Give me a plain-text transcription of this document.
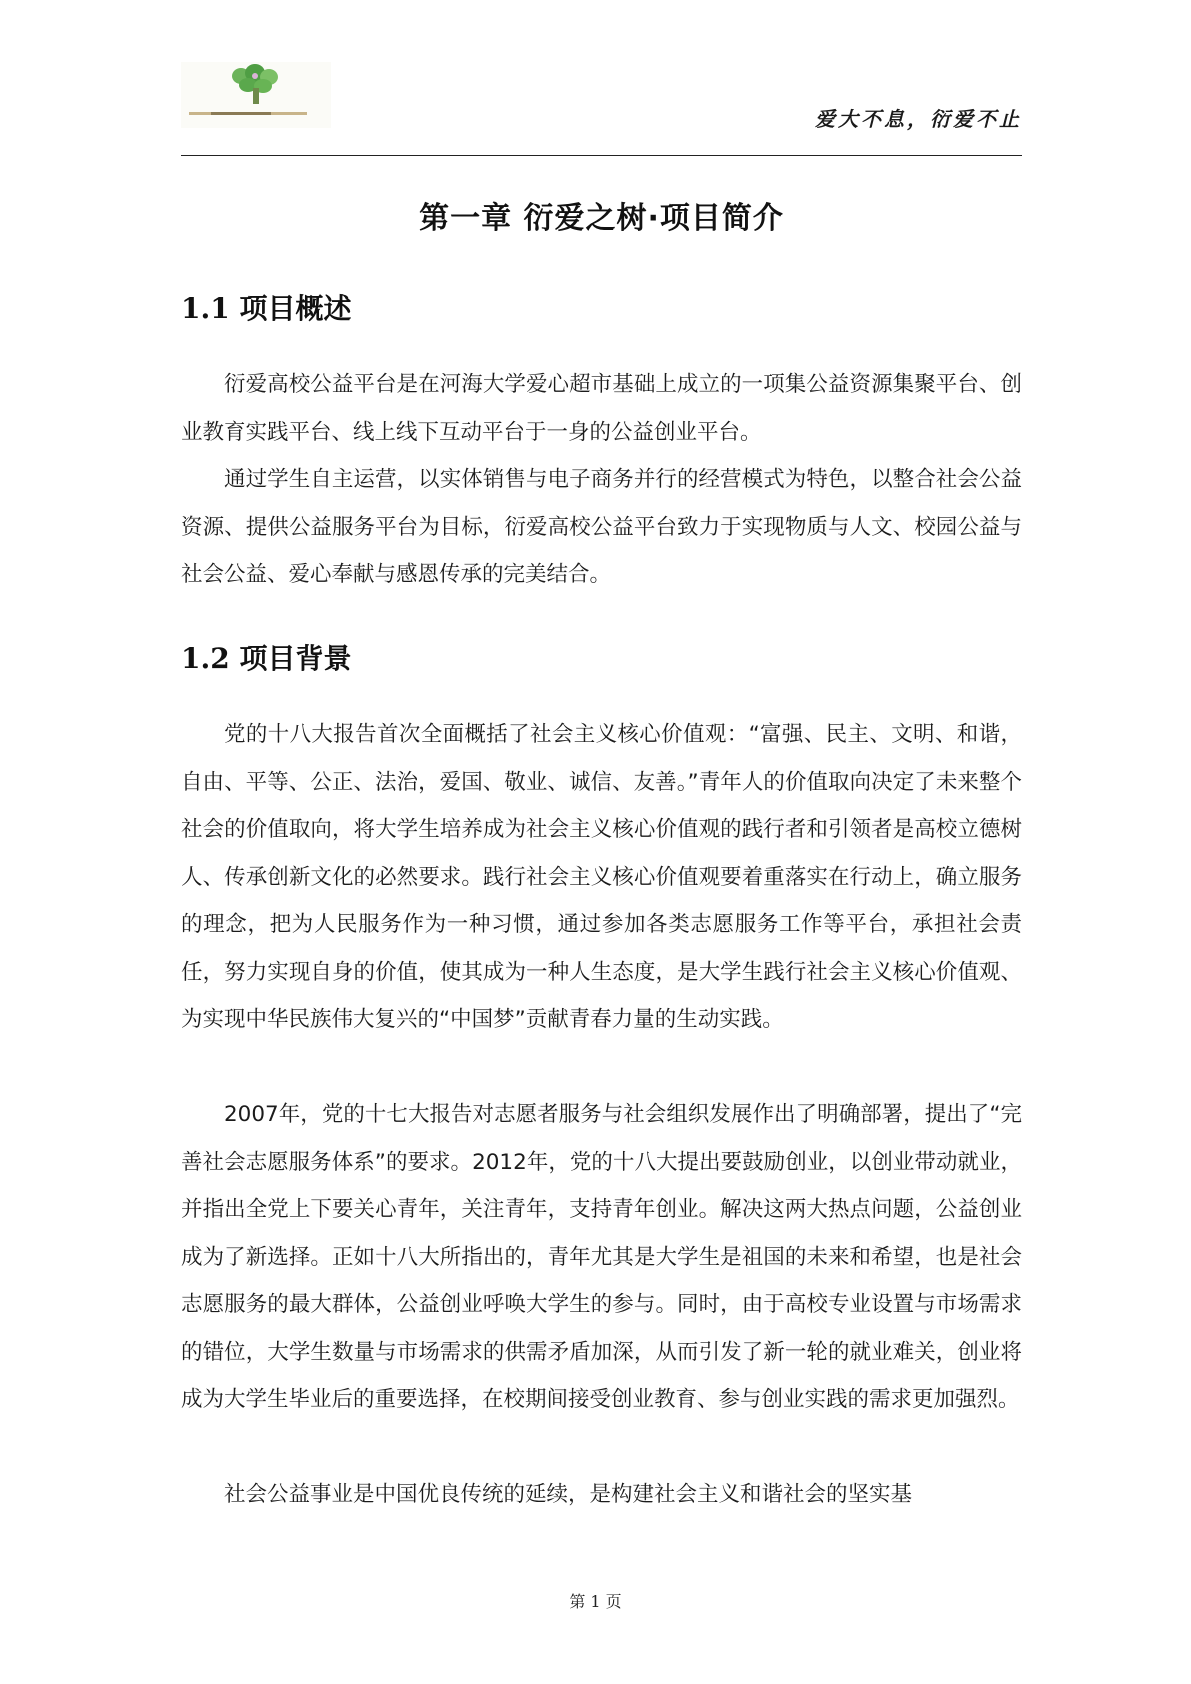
爱大不息，衍爱不止
第一章 衍爱之树·项目简介
1.1 项目概述

衍爱高校公益平台是在河海大学爱心超市基础上成立的一项集公益资源集聚平台、创业教育实践平台、线上线下互动平台于一身的公益创业平台。

通过学生自主运营，以实体销售与电子商务并行的经营模式为特色，以整合社会公益资源、提供公益服务平台为目标，衍爱高校公益平台致力于实现物质与人文、校园公益与社会公益、爱心奉献与感恩传承的完美结合。

1.2 项目背景

党的十八大报告首次全面概括了社会主义核心价值观：“富强、民主、文明、和谐，自由、平等、公正、法治，爱国、敬业、诚信、友善。”青年人的价值取向决定了未来整个社会的价值取向，将大学生培养成为社会主义核心价值观的践行者和引领者是高校立德树人、传承创新文化的必然要求。践行社会主义核心价值观要着重落实在行动上，确立服务的理念，把为人民服务作为一种习惯，通过参加各类志愿服务工作等平台，承担社会责任，努力实现自身的价值，使其成为一种人生态度，是大学生践行社会主义核心价值观、为实现中华民族伟大复兴的“中国梦”贡献青春力量的生动实践。

2007年，党的十七大报告对志愿者服务与社会组织发展作出了明确部署，提出了“完善社会志愿服务体系”的要求。2012年，党的十八大提出要鼓励创业，以创业带动就业，并指出全党上下要关心青年，关注青年，支持青年创业。解决这两大热点问题，公益创业成为了新选择。正如十八大所指出的，青年尤其是大学生是祖国的未来和希望，也是社会志愿服务的最大群体，公益创业呼唤大学生的参与。同时，由于高校专业设置与市场需求的错位，大学生数量与市场需求的供需矛盾加深，从而引发了新一轮的就业难关，创业将成为大学生毕业后的重要选择，在校期间接受创业教育、参与创业实践的需求更加强烈。

社会公益事业是中国优良传统的延续，是构建社会主义和谐社会的坚实基

第 1 页
